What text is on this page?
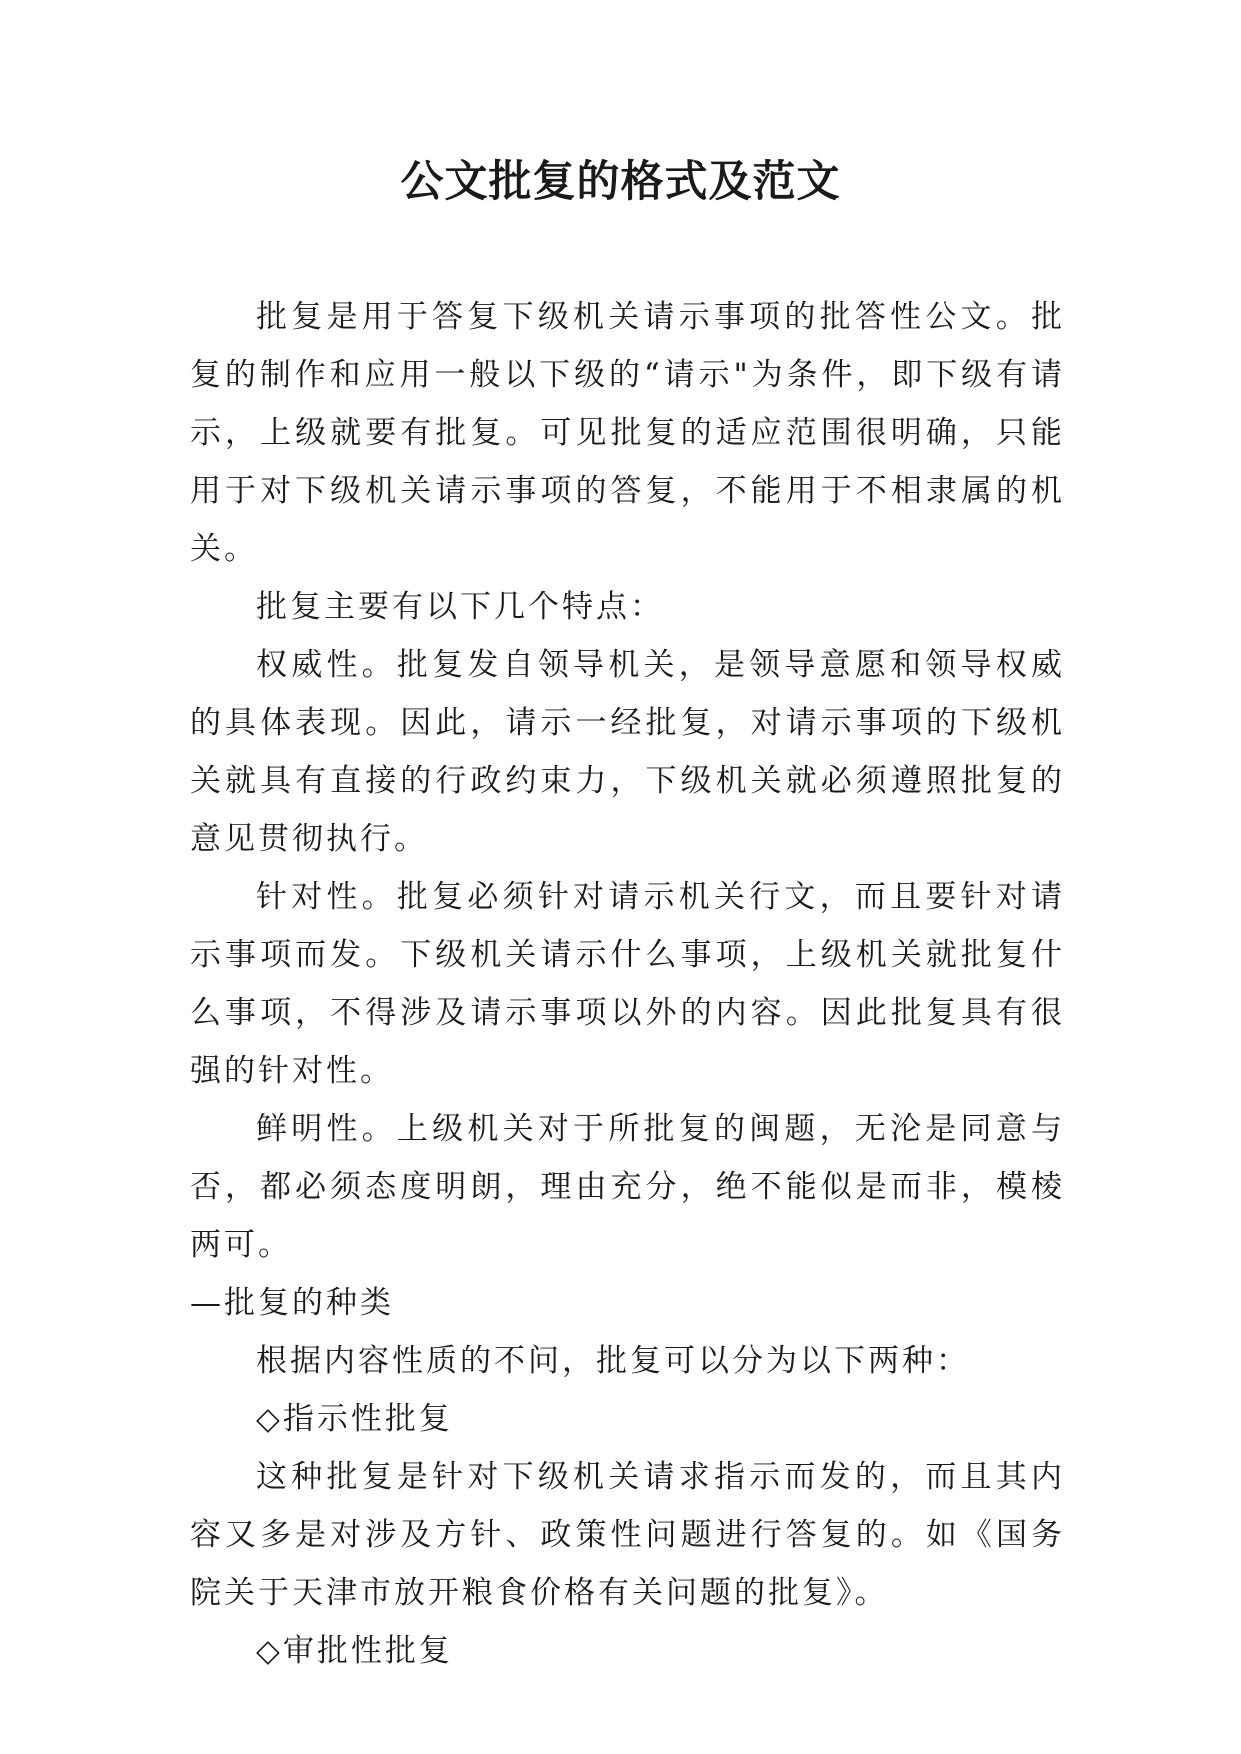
公文批复的格式及范文

批复是用于答复下级机关请示事项的批答性公文。批复的制作和应用一般以下级的“请示"为条件，即下级有请示，上级就要有批复。可见批复的适应范围很明确，只能用于对下级机关请示事项的答复，不能用于不相隶属的机关。

批复主要有以下几个特点：

权威性。批复发自领导机关，是领导意愿和领导权威的具体表现。因此，请示一经批复，对请示事项的下级机关就具有直接的行政约束力，下级机关就必须遵照批复的意见贯彻执行。

针对性。批复必须针对请示机关行文，而且要针对请示事项而发。下级机关请示什么事项，上级机关就批复什么事项，不得涉及请示事项以外的内容。因此批复具有很强的针对性。

鲜明性。上级机关对于所批复的闽题，无沦是同意与否，都必须态度明朗，理由充分，绝不能似是而非，模棱两可。

—批复的种类

根据内容性质的不问，批复可以分为以下两种：

◇指示性批复

这种批复是针对下级机关请求指示而发的，而且其内容又多是对涉及方针、政策性问题进行答复的。如《国务院关于天津市放开粮食价格有关问题的批复》。

◇审批性批复
